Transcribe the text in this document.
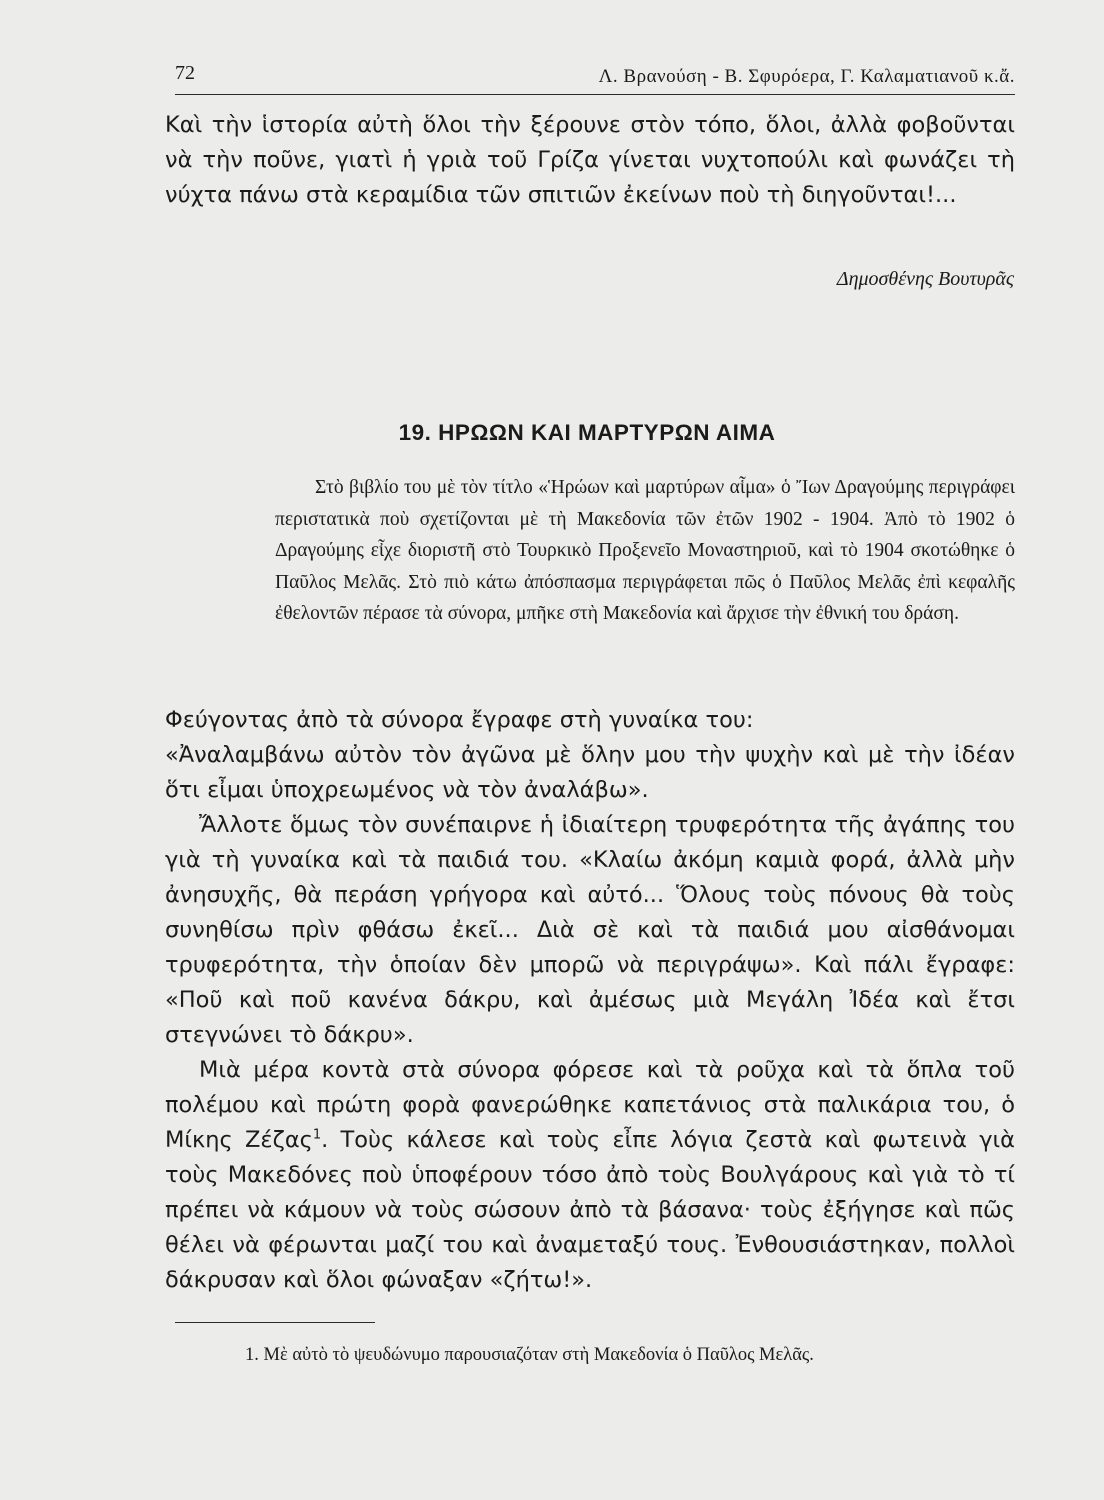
72	Λ. Βρανούση - Β. Σφυρόερα, Γ. Καλαματιανοῦ κ.ἄ.
Καὶ τὴν ἱστορία αὐτὴ ὅλοι τὴν ξέρουνε στὸν τόπο, ὅλοι, ἀλλὰ φοβοῦνται νὰ τὴν ποῦνε, γιατὶ ἡ γριὰ τοῦ Γρίζα γίνεται νυχτοπούλι καὶ φωνάζει τὴ νύχτα πάνω στὰ κεραμίδια τῶν σπιτιῶν ἐκείνων ποὺ τὴ διηγοῦνται!...
Δημοσθένης Βουτυρᾶς
19. ΗΡΩΩΝ ΚΑΙ ΜΑΡΤΥΡΩΝ ΑΙΜΑ
Στὸ βιβλίο του μὲ τὸν τίτλο «Ἡρώων καὶ μαρτύρων αἷμα» ὁ Ἴων Δραγούμης περιγράφει περιστατικὰ ποὺ σχετίζονται μὲ τὴ Μακεδονία τῶν ἐτῶν 1902 - 1904. Ἀπὸ τὸ 1902 ὁ Δραγούμης εἶχε διοριστῆ στὸ Τουρκικὸ Προξενεῖο Μοναστηριοῦ, καὶ τὸ 1904 σκοτώθηκε ὁ Παῦλος Μελᾶς. Στὸ πιὸ κάτω ἀπόσπασμα περιγράφεται πῶς ὁ Παῦλος Μελᾶς ἐπὶ κεφαλῆς ἐθελοντῶν πέρασε τὰ σύνορα, μπῆκε στὴ Μακεδονία καὶ ἄρχισε τὴν ἐθνική του δράση.
Φεύγοντας ἀπὸ τὰ σύνορα ἔγραφε στὴ γυναίκα του:
«Ἀναλαμβάνω αὐτὸν τὸν ἀγῶνα μὲ ὅλην μου τὴν ψυχὴν καὶ μὲ τὴν ἰδέαν ὅτι εἶμαι ὑποχρεωμένος νὰ τὸν ἀναλάβω».
Ἄλλοτε ὅμως τὸν συνέπαιρνε ἡ ἰδιαίτερη τρυφερότητα τῆς ἀγάπης του γιὰ τὴ γυναίκα καὶ τὰ παιδιά του. «Κλαίω ἀκόμη καμιὰ φορά, ἀλλὰ μὴν ἀνησυχῆς, θὰ περάση γρήγορα καὶ αὐτό... Ὅλους τοὺς πόνους θὰ τοὺς συνηθίσω πρὶν φθάσω ἐκεῖ... Διὰ σὲ καὶ τὰ παιδιά μου αἰσθάνομαι τρυφερότητα, τὴν ὁποίαν δὲν μπορῶ νὰ περιγράψω». Καὶ πάλι ἔγραφε: «Ποῦ καὶ ποῦ κανένα δάκρυ, καὶ ἀμέσως μιὰ Μεγάλη Ἰδέα καὶ ἔτσι στεγνώνει τὸ δάκρυ».
Μιὰ μέρα κοντὰ στὰ σύνορα φόρεσε καὶ τὰ ροῦχα καὶ τὰ ὅπλα τοῦ πολέμου καὶ πρώτη φορὰ φανερώθηκε καπετάνιος στὰ παλικάρια του, ὁ Μίκης Ζέζας$^1$. Τοὺς κάλεσε καὶ τοὺς εἶπε λόγια ζεστὰ καὶ φωτεινὰ γιὰ τοὺς Μακεδόνες ποὺ ὑποφέρουν τόσο ἀπὸ τοὺς Βουλγάρους καὶ γιὰ τὸ τί πρέπει νὰ κάμουν νὰ τοὺς σώσουν ἀπὸ τὰ βάσανα· τοὺς ἐξήγησε καὶ πῶς θέλει νὰ φέρωνται μαζί του καὶ ἀναμεταξύ τους. Ἐνθουσιάστηκαν, πολλοὶ δάκρυσαν καὶ ὅλοι φώναξαν «ζήτω!».
1. Μὲ αὐτὸ τὸ ψευδώνυμο παρουσιαζόταν στὴ Μακεδονία ὁ Παῦλος Μελᾶς.
